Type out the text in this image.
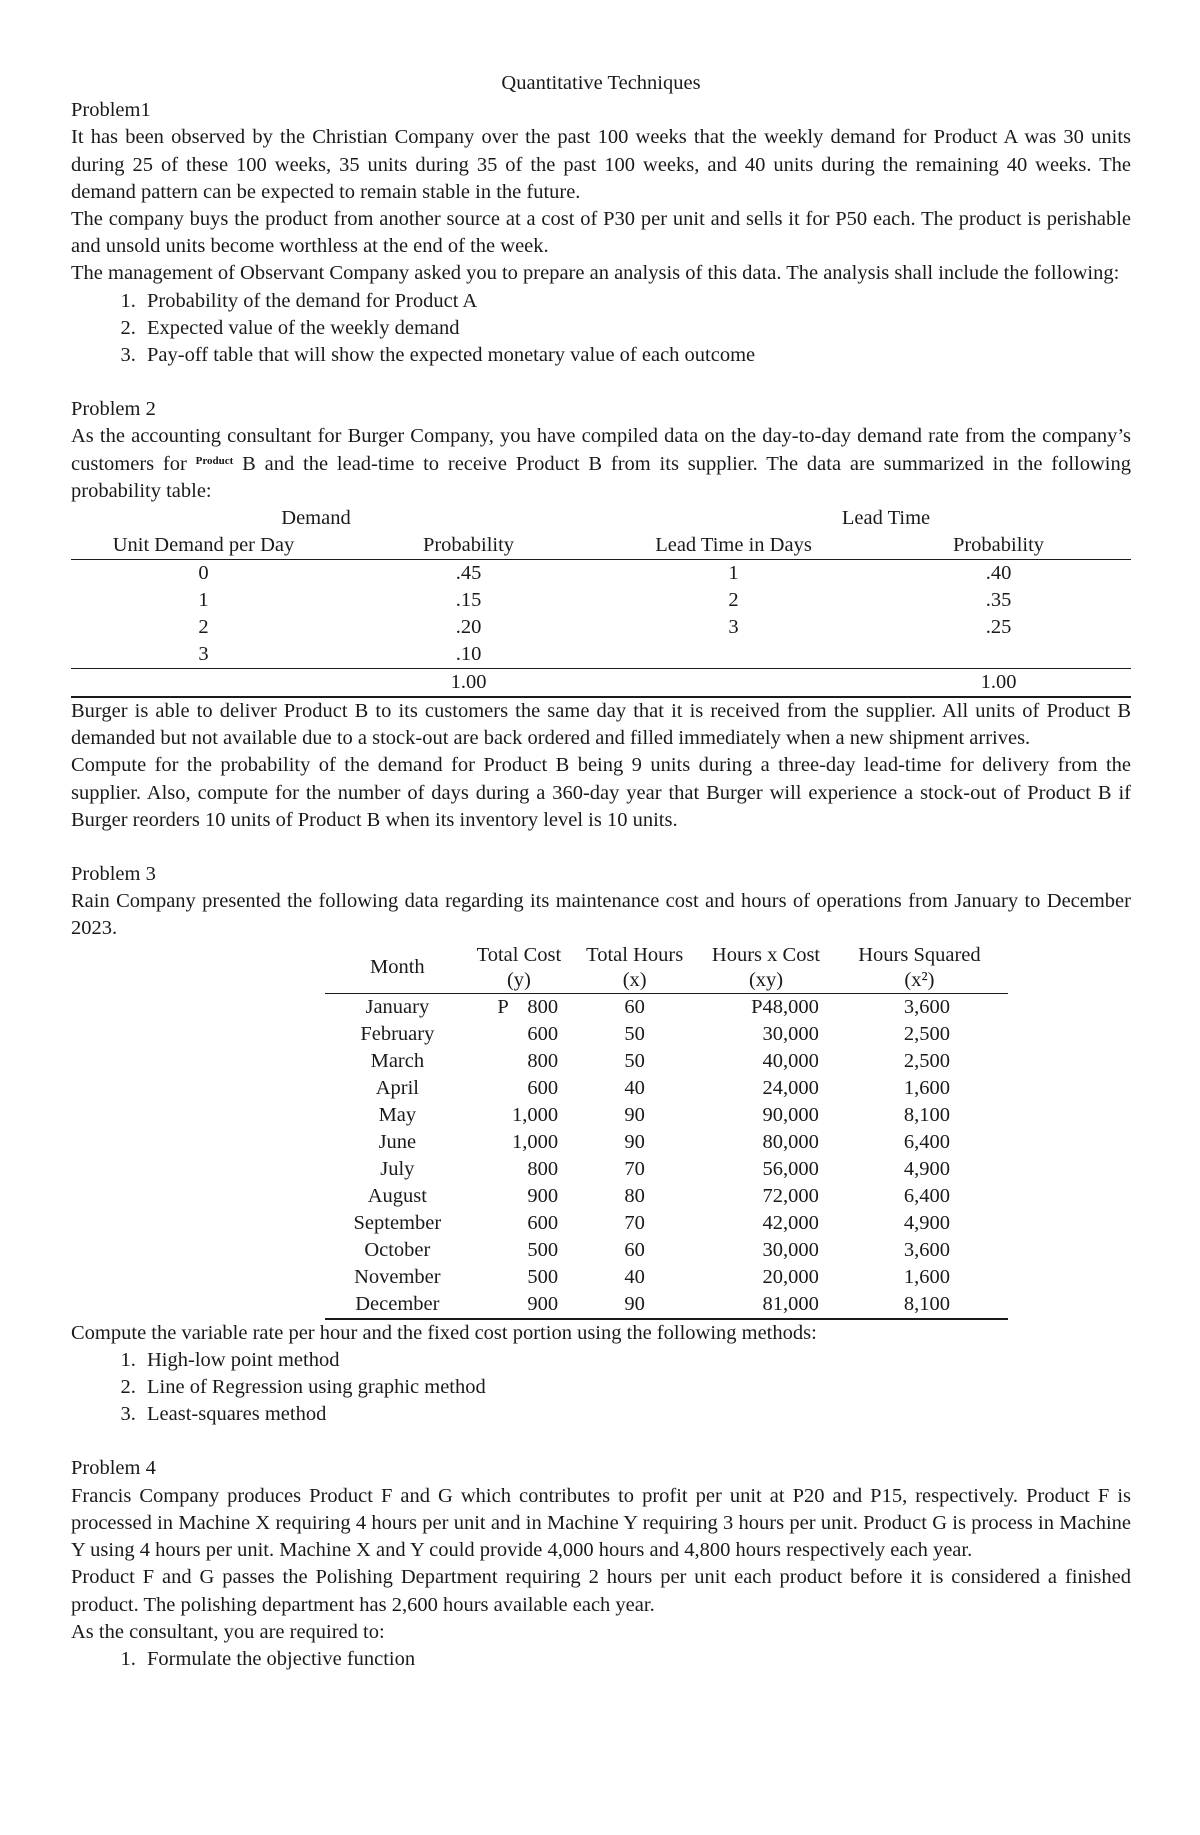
Quantitative Techniques
Problem1

It has been observed by the Christian Company over the past 100 weeks that the weekly demand for Product A was 30 units during 25 of these 100 weeks, 35 units during 35 of the past 100 weeks, and 40 units during the remaining 40 weeks. The demand pattern can be expected to remain stable in the future.

The company buys the product from another source at a cost of P30 per unit and sells it for P50 each. The product is perishable and unsold units become worthless at the end of the week.

The management of Observant Company asked you to prepare an analysis of this data. The analysis shall include the following:

1. Probability of the demand for Product A
2. Expected value of the weekly demand
3. Pay-off table that will show the expected monetary value of each outcome
Problem 2

As the accounting consultant for Burger Company, you have compiled data on the day-to-day demand rate from the company’s customers for $^{Product}$ B and the lead-time to receive Product B from its supplier. The data are summarized in the following probability table:

Demand		Lead Time	
Unit Demand per Day	Probability	Lead Time in Days	Probability
0	.45	1	.40
1	.15	2	.35
2	.20	3	.25
3	.10		
	1.00		1.00

Burger is able to deliver Product B to its customers the same day that it is received from the supplier. All units of Product B demanded but not available due to a stock-out are back ordered and filled immediately when a new shipment arrives.

Compute for the probability of the demand for Product B being 9 units during a three-day lead-time for delivery from the supplier. Also, compute for the number of days during a 360-day year that Burger will experience a stock-out of Product B if Burger reorders 10 units of Product B when its inventory level is 10 units.

Problem 3

Rain Company presented the following data regarding its maintenance cost and hours of operations from January to December 2023.

Month	Total Cost	Total Hours	Hours x Cost	Hours Squared
	(y)	(x)	(xy)	(x²)
January	P 800	60	P48,000	3,600
February	600	50	30,000	2,500
March	800	50	40,000	2,500
April	600	40	24,000	1,600
May	1,000	90	90,000	8,100
June	1,000	90	80,000	6,400
July	800	70	56,000	4,900
August	900	80	72,000	6,400
September	600	70	42,000	4,900
October	500	60	30,000	3,600
November	500	40	20,000	1,600
December	900	90	81,000	8,100

Compute the variable rate per hour and the fixed cost portion using the following methods:

1. High-low point method
2. Line of Regression using graphic method
3. Least-squares method
Problem 4

Francis Company produces Product F and G which contributes to profit per unit at P20 and P15, respectively. Product F is processed in Machine X requiring 4 hours per unit and in Machine Y requiring 3 hours per unit. Product G is process in Machine Y using 4 hours per unit. Machine X and Y could provide 4,000 hours and 4,800 hours respectively each year.

Product F and G passes the Polishing Department requiring 2 hours per unit each product before it is considered a finished product. The polishing department has 2,600 hours available each year.

As the consultant, you are required to:

1. Formulate the objective function
